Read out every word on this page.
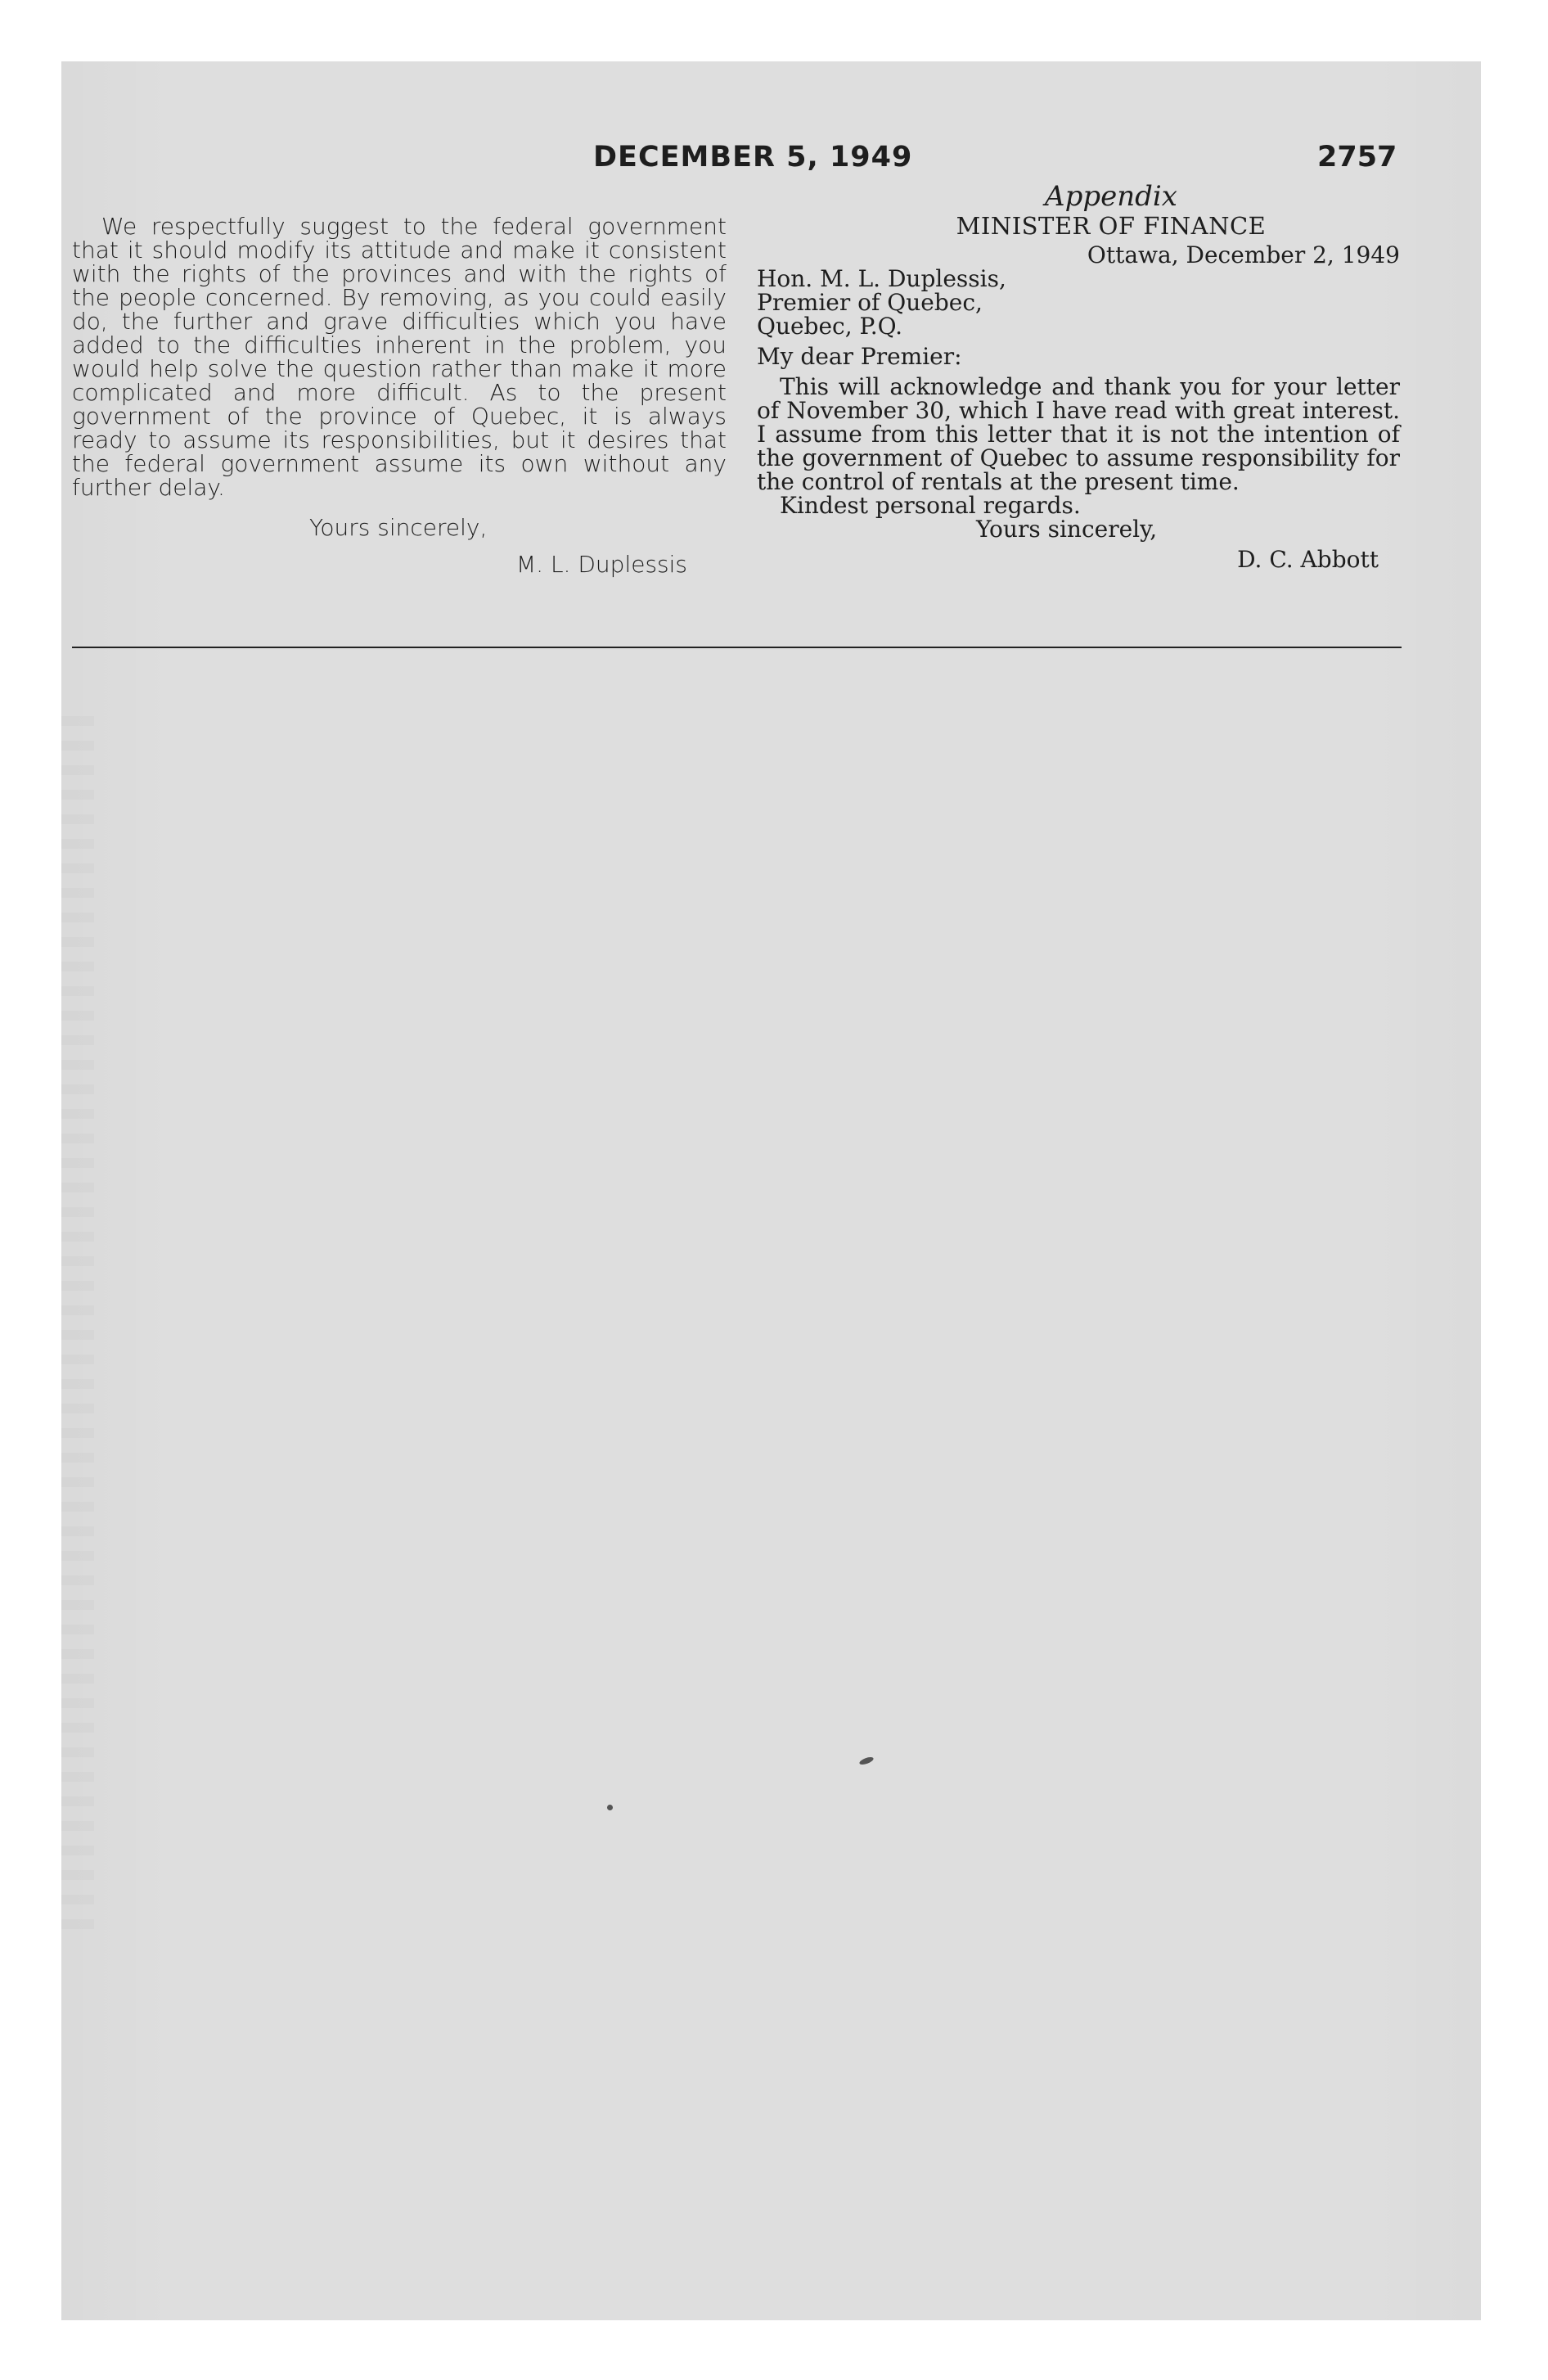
DECEMBER 5, 1949	2757

We respectfully suggest to the federal government that it should modify its attitude and make it consistent with the rights of the provinces and with the rights of the people concerned. By removing, as you could easily do, the further and grave difficulties which you have added to the difficulties inherent in the problem, you would help solve the question rather than make it more complicated and more difficult. As to the present government of the province of Quebec, it is always ready to assume its responsibilities, but it desires that the federal government assume its own without any further delay.

Yours sincerely,
M. L. Duplessis
Appendix
MINISTER OF FINANCE
Ottawa, December 2, 1949
Hon. M. L. Duplessis,
Premier of Quebec,
Quebec, P.Q.
My dear Premier:

This will acknowledge and thank you for your letter of November 30, which I have read with great interest. I assume from this letter that it is not the intention of the government of Quebec to assume responsibility for the control of rentals at the present time.

Kindest personal regards.
Yours sincerely,
D. C. Abbott
